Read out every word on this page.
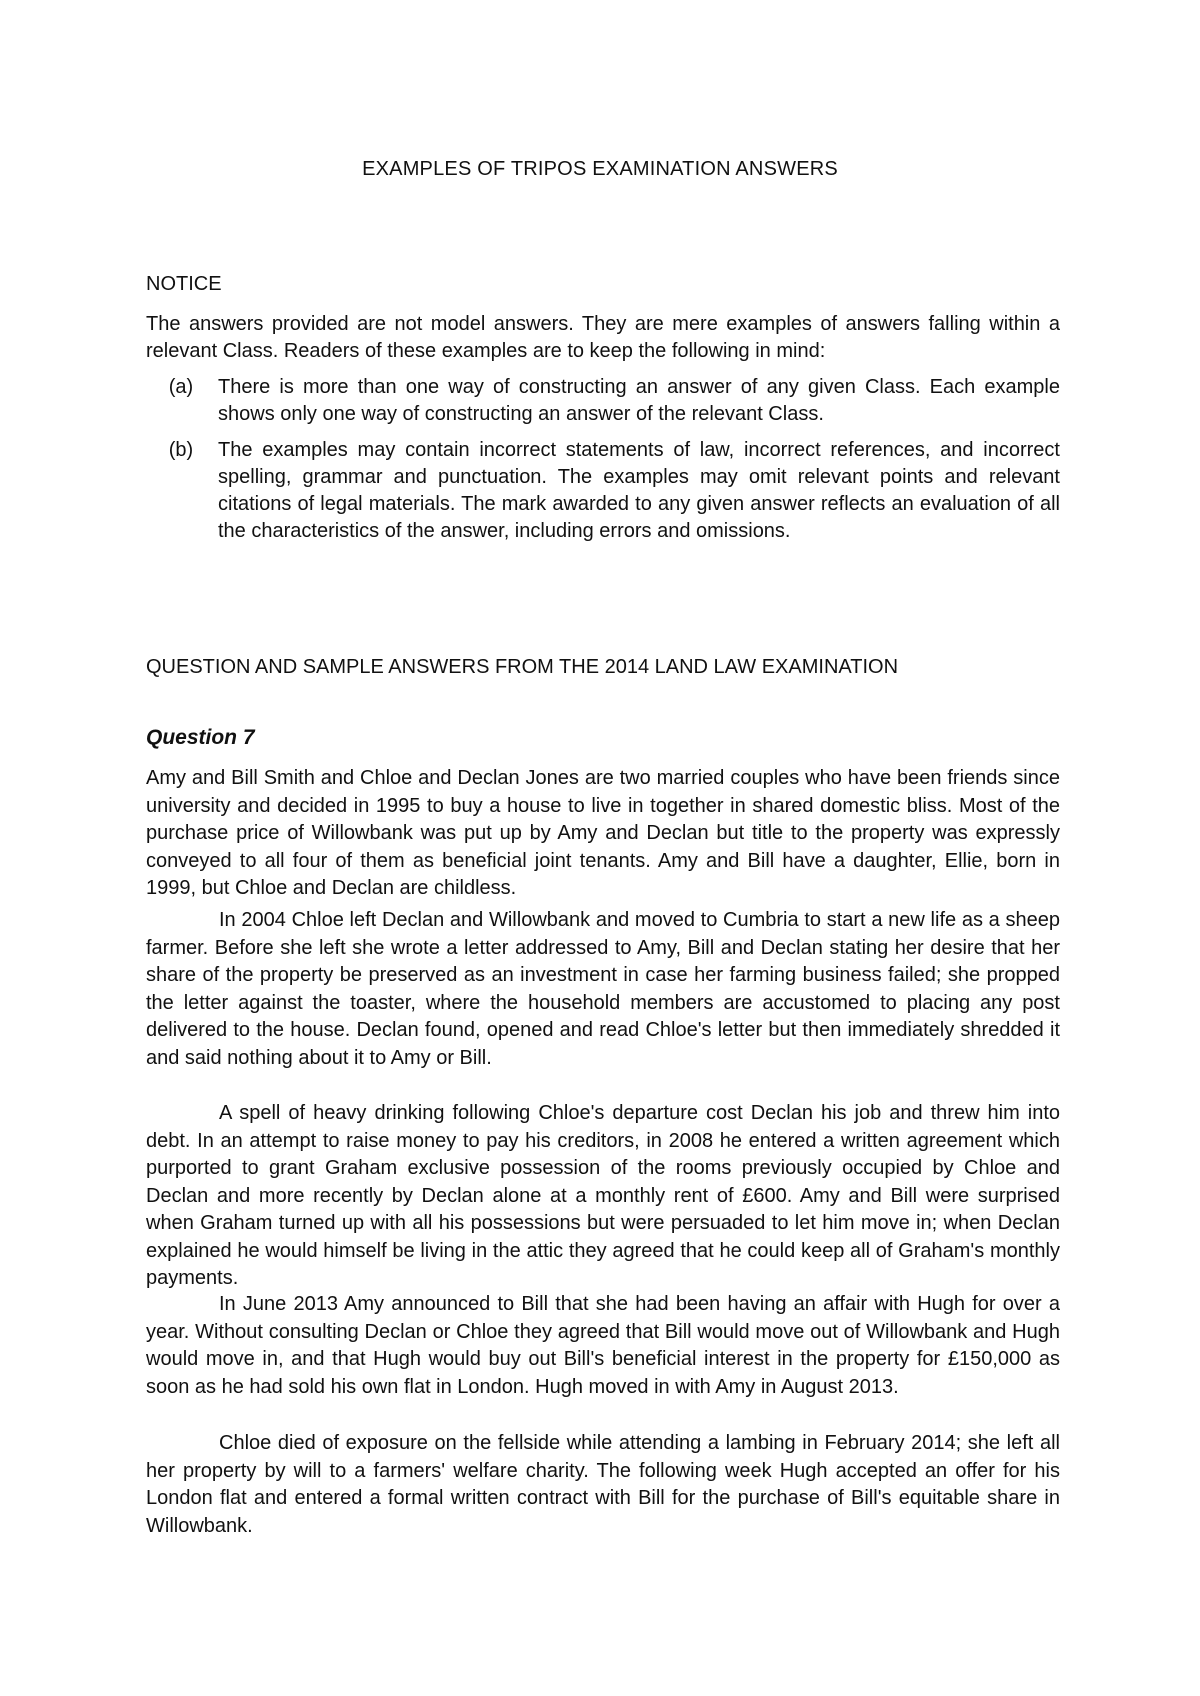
EXAMPLES OF TRIPOS EXAMINATION ANSWERS
NOTICE
The answers provided are not model answers. They are mere examples of answers falling within a relevant Class. Readers of these examples are to keep the following in mind:
(a)	There is more than one way of constructing an answer of any given Class. Each example shows only one way of constructing an answer of the relevant Class.
(b)	The examples may contain incorrect statements of law, incorrect references, and incorrect spelling, grammar and punctuation. The examples may omit relevant points and relevant citations of legal materials. The mark awarded to any given answer reflects an evaluation of all the characteristics of the answer, including errors and omissions.
QUESTION AND SAMPLE ANSWERS FROM THE 2014 LAND LAW EXAMINATION
Question 7
Amy and Bill Smith and Chloe and Declan Jones are two married couples who have been friends since university and decided in 1995 to buy a house to live in together in shared domestic bliss. Most of the purchase price of Willowbank was put up by Amy and Declan but title to the property was expressly conveyed to all four of them as beneficial joint tenants. Amy and Bill have a daughter, Ellie, born in 1999, but Chloe and Declan are childless.
In 2004 Chloe left Declan and Willowbank and moved to Cumbria to start a new life as a sheep farmer. Before she left she wrote a letter addressed to Amy, Bill and Declan stating her desire that her share of the property be preserved as an investment in case her farming business failed; she propped the letter against the toaster, where the household members are accustomed to placing any post delivered to the house. Declan found, opened and read Chloe's letter but then immediately shredded it and said nothing about it to Amy or Bill.
A spell of heavy drinking following Chloe's departure cost Declan his job and threw him into debt. In an attempt to raise money to pay his creditors, in 2008 he entered a written agreement which purported to grant Graham exclusive possession of the rooms previously occupied by Chloe and Declan and more recently by Declan alone at a monthly rent of £600. Amy and Bill were surprised when Graham turned up with all his possessions but were persuaded to let him move in; when Declan explained he would himself be living in the attic they agreed that he could keep all of Graham's monthly payments.
In June 2013 Amy announced to Bill that she had been having an affair with Hugh for over a year. Without consulting Declan or Chloe they agreed that Bill would move out of Willowbank and Hugh would move in, and that Hugh would buy out Bill's beneficial interest in the property for £150,000 as soon as he had sold his own flat in London. Hugh moved in with Amy in August 2013.
Chloe died of exposure on the fellside while attending a lambing in February 2014; she left all her property by will to a farmers' welfare charity. The following week Hugh accepted an offer for his London flat and entered a formal written contract with Bill for the purchase of Bill's equitable share in Willowbank.
